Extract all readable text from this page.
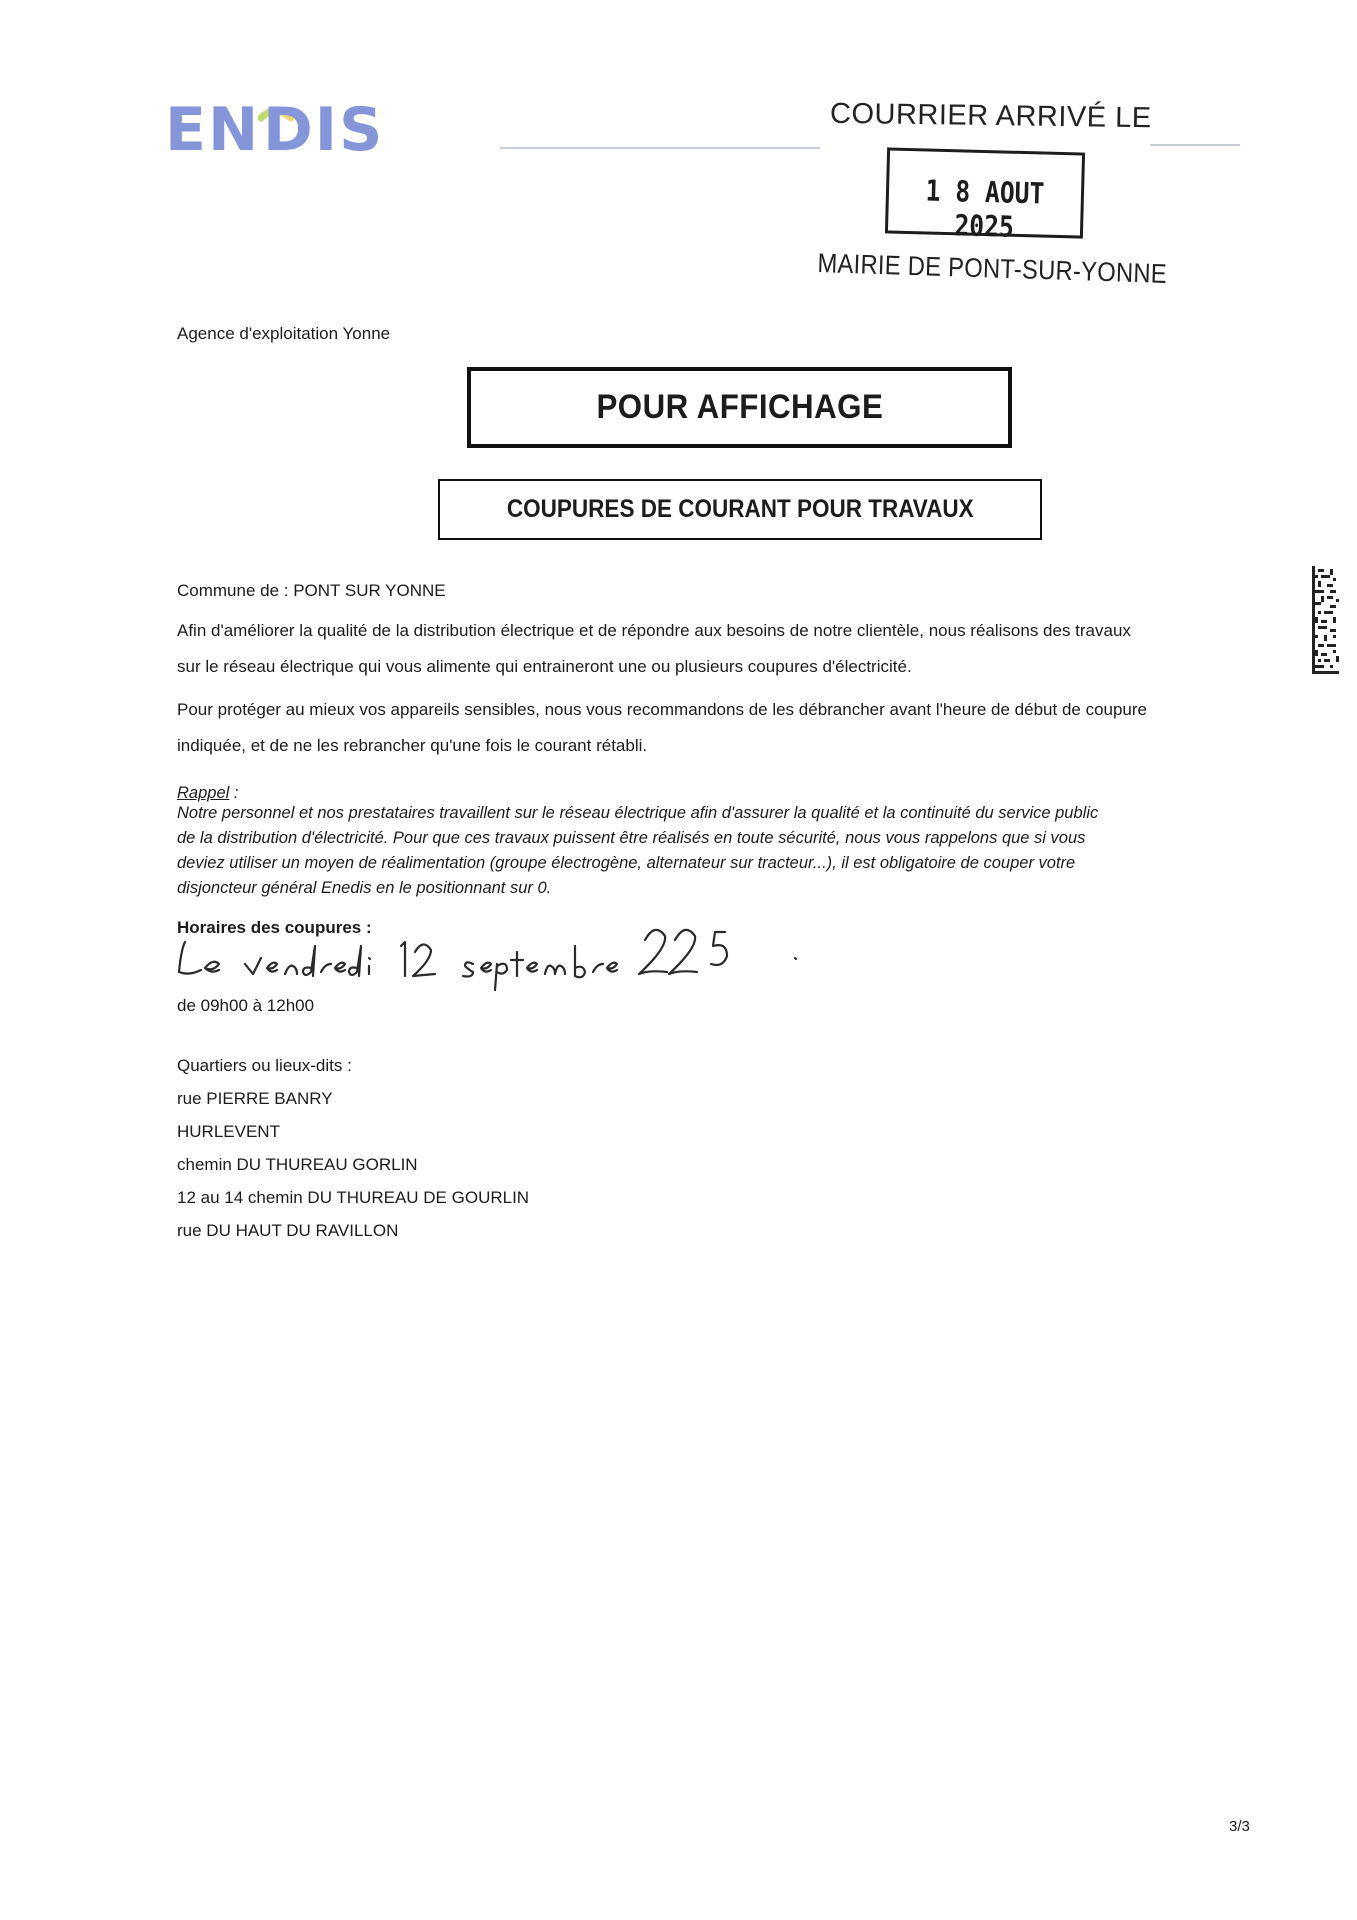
EN DIS	COURRIER ARRIVÉ LE
1 8 AOUT 2025
MAIRIE DE PONT-SUR-YONNE
Agence d'exploitation Yonne
POUR AFFICHAGE
COUPURES DE COURANT POUR TRAVAUX
Commune de : PONT SUR YONNE
Afin d'améliorer la qualité de la distribution électrique et de répondre aux besoins de notre clientèle, nous réalisons des travaux
sur le réseau électrique qui vous alimente qui entraineront une ou plusieurs coupures d'électricité.
Pour protéger au mieux vos appareils sensibles, nous vous recommandons de les débrancher avant l'heure de début de coupure
indiquée, et de ne les rebrancher qu'une fois le courant rétabli.
Rappel :
Notre personnel et nos prestataires travaillent sur le réseau électrique afin d'assurer la qualité et la continuité du service public
de la distribution d'électricité. Pour que ces travaux puissent être réalisés en toute sécurité, nous vous rappelons que si vous
deviez utiliser un moyen de réalimentation (groupe électrogène, alternateur sur tracteur...), il est obligatoire de couper votre
disjoncteur général Enedis en le positionnant sur 0.
Horaires des coupures :
de 09h00 à 12h00
Quartiers ou lieux-dits :
rue PIERRE BANRY
HURLEVENT
chemin DU THUREAU GORLIN
12 au 14 chemin DU THUREAU DE GOURLIN
rue DU HAUT DU RAVILLON
3/3
